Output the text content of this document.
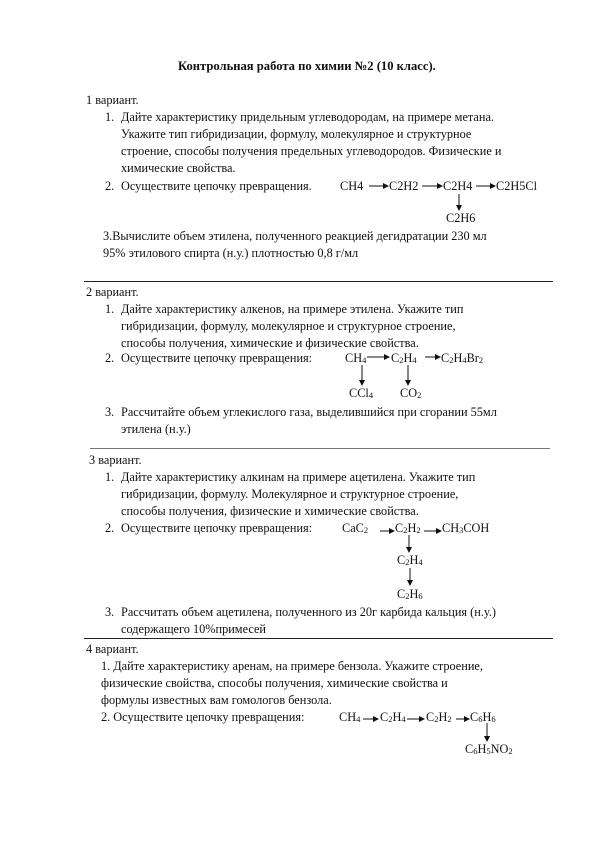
Контрольная работа по химии №2 (10 класс).
1 вариант.
1. Дайте характеристику придельным углеводородам, на примере метана.
Укажите тип гибридизации, формулу, молекулярное и структурное
строение, способы получения предельных углеводородов. Физические и
химические свойства.
2. Осуществите цепочку превращения. CH4 C2H2 C2H4 C2H5Cl
C2H6
3.Вычислите объем этилена, полученного реакцией дегидратации 230 мл
95% этилового спирта (н.у.) плотностью 0,8 г/мл
2 вариант.
1. Дайте характеристику алкенов, на примере этилена. Укажите тип
гибридизации, формулу, молекулярное и структурное строение,
способы получения, химические и физические свойства.
2. Осуществите цепочку превращения:	$CH_4$ $C_2H_4$ $C_2H_4Br_2$
CCl$_4$ $CO_2$
3. Рассчитайте объем углекислого газа, выделившийся при сгорании 55мл
этилена (н.у.)
3 вариант.
1. Дайте характеристику алкинам на примере ацетилена. Укажите тип
гибридизации, формулу. Молекулярное и структурное строение,
способы получения, физические и химические свойства.
2. Осуществите цепочку превращения: CaC$_2$ $C_2H_2$ $CH_3COH$
$C_2H_4$
$C_2H_6$
3. Рассчитать объем ацетилена, полученного из 20г карбида кальция (н.у.)
содержащего 10%примесей
4 вариант.
1. Дайте характеристику аренам, на примере бензола. Укажите строение,
физические свойства, способы получения, химические свойства и
формулы известных вам гомологов бензола.
2. Осуществите цепочку превращения:	$CH_4$ $C_2H_4$ $C_2H_2$ $C_6H_6$
$C_6H_5NO_2$
